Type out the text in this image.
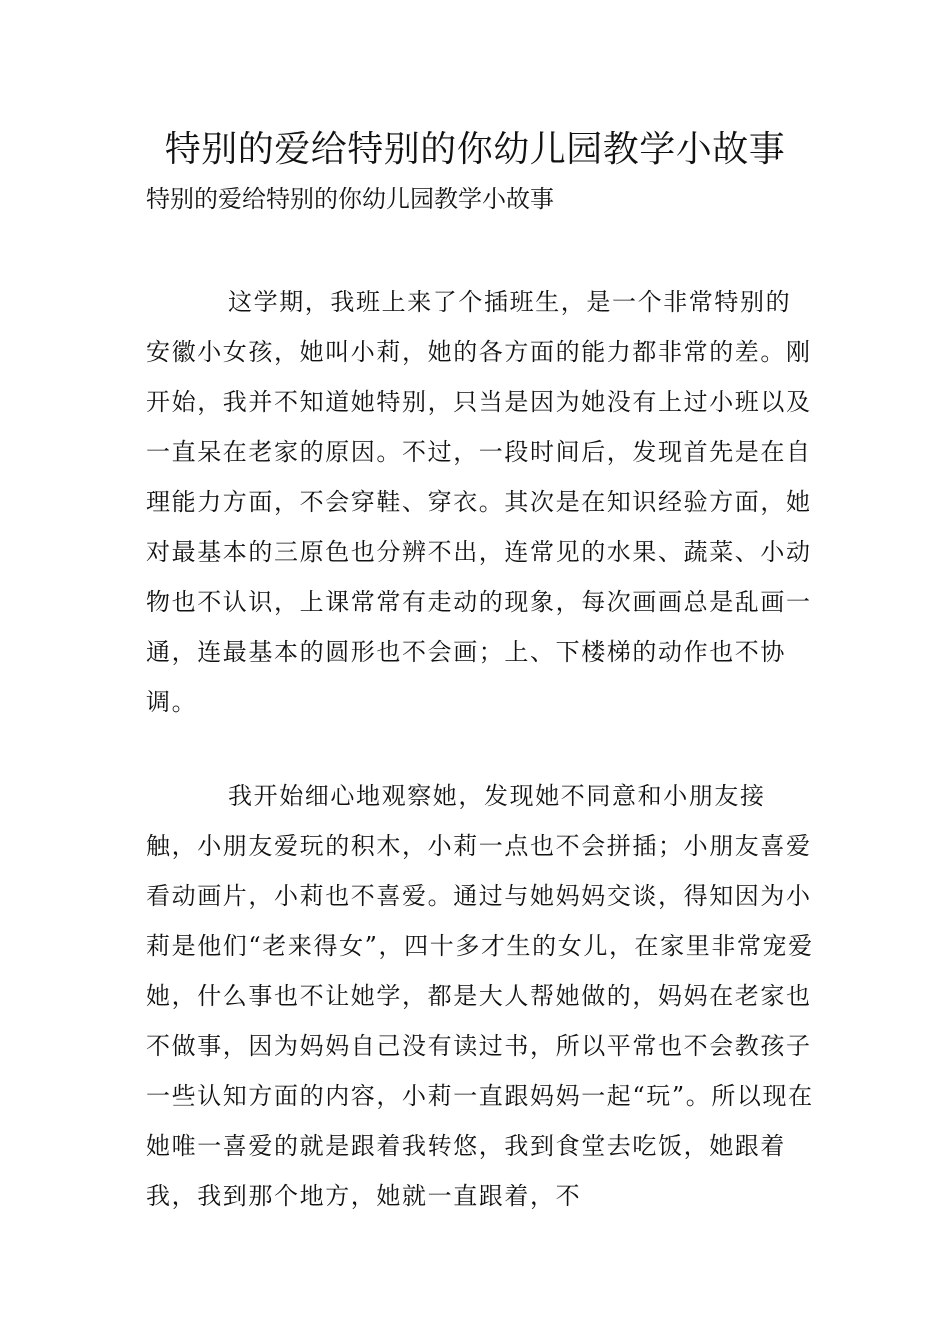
特别的爱给特别的你幼儿园教学小故事

特别的爱给特别的你幼儿园教学小故事

这学期，我班上来了个插班生，是一个非常特别的安徽小女孩，她叫小莉，她的各方面的能力都非常的差。刚开始，我并不知道她特别，只当是因为她没有上过小班以及一直呆在老家的原因。不过，一段时间后，发现首先是在自理能力方面，不会穿鞋、穿衣。其次是在知识经验方面，她对最基本的三原色也分辨不出，连常见的水果、蔬菜、小动物也不认识，上课常常有走动的现象，每次画画总是乱画一通，连最基本的圆形也不会画；上、下楼梯的动作也不协调。

我开始细心地观察她，发现她不同意和小朋友接触，小朋友爱玩的积木，小莉一点也不会拼插；小朋友喜爱看动画片，小莉也不喜爱。通过与她妈妈交谈，得知因为小莉是他们“老来得女”，四十多才生的女儿，在家里非常宠爱她，什么事也不让她学，都是大人帮她做的，妈妈在老家也不做事，因为妈妈自己没有读过书，所以平常也不会教孩子一些认知方面的内容，小莉一直跟妈妈一起“玩”。所以现在她唯一喜爱的就是跟着我转悠，我到食堂去吃饭，她跟着我，我到那个地方，她就一直跟着，不
